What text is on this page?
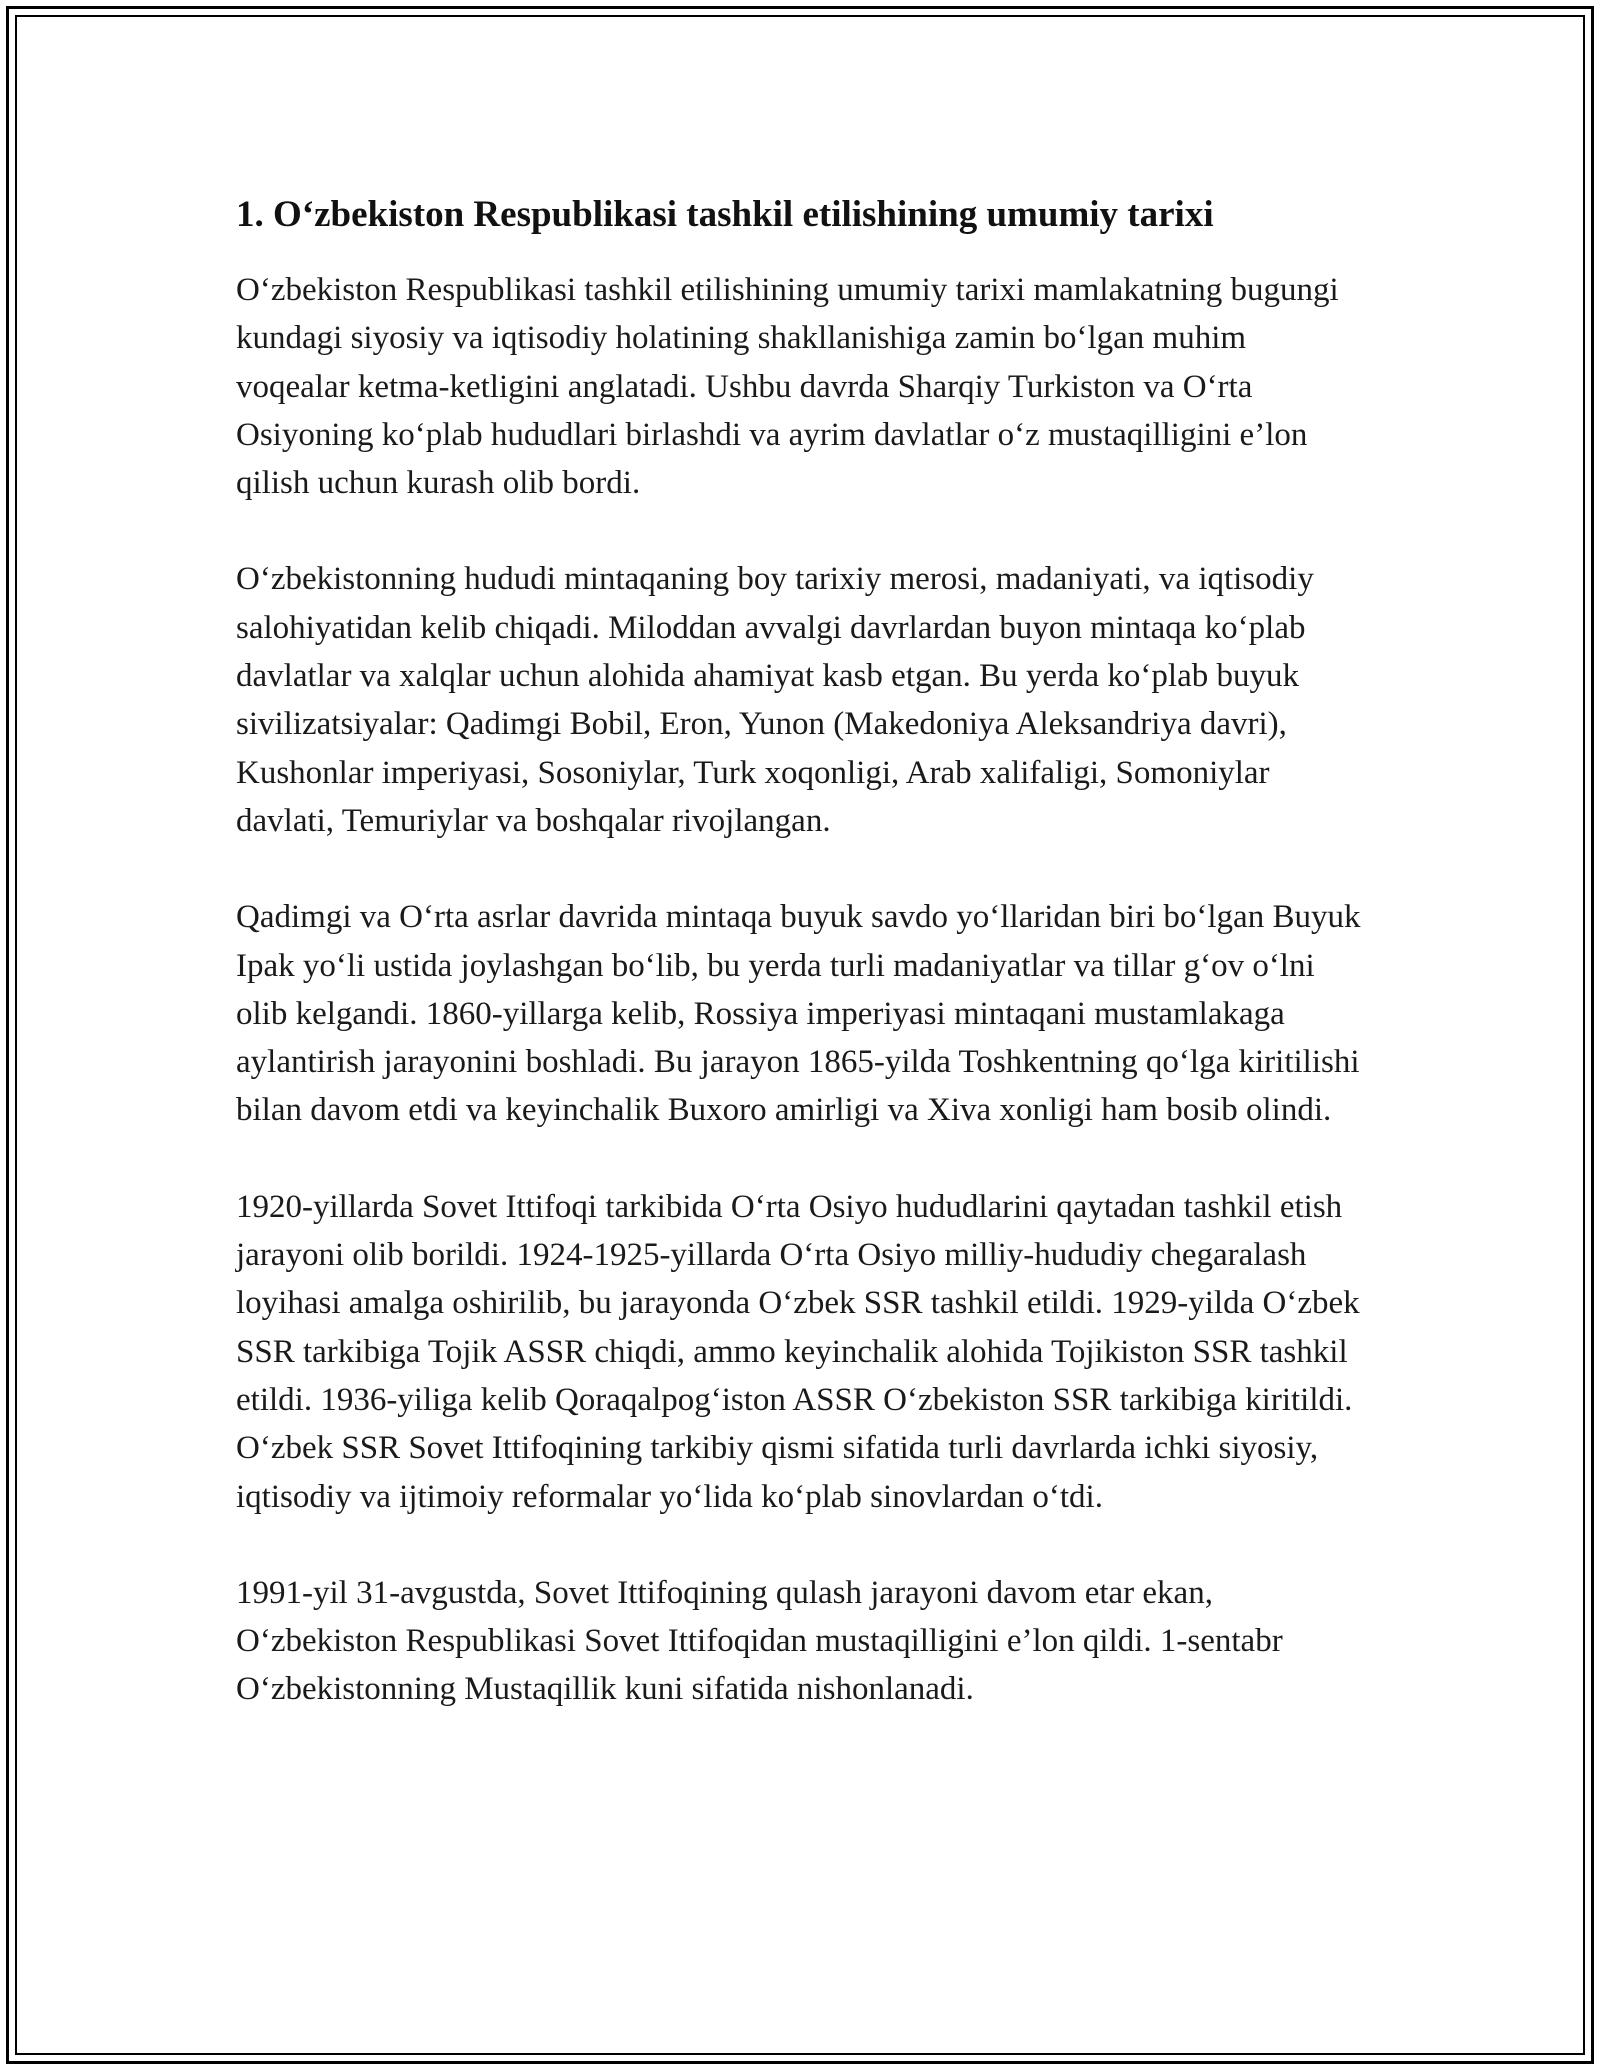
1. O‘zbekiston Respublikasi tashkil etilishining umumiy tarixi

O‘zbekiston Respublikasi tashkil etilishining umumiy tarixi mamlakatning bugungi kundagi siyosiy va iqtisodiy holatining shakllanishiga zamin bo‘lgan muhim voqealar ketma-ketligini anglatadi. Ushbu davrda Sharqiy Turkiston va O‘rta Osiyoning ko‘plab hududlari birlashdi va ayrim davlatlar o‘z mustaqilligini e’lon qilish uchun kurash olib bordi.

O‘zbekistonning hududi mintaqaning boy tarixiy merosi, madaniyati, va iqtisodiy salohiyatidan kelib chiqadi. Miloddan avvalgi davrlardan buyon mintaqa ko‘plab davlatlar va xalqlar uchun alohida ahamiyat kasb etgan. Bu yerda ko‘plab buyuk sivilizatsiyalar: Qadimgi Bobil, Eron, Yunon (Makedoniya Aleksandriya davri), Kushonlar imperiyasi, Sosoniylar, Turk xoqonligi, Arab xalifaligi, Somoniylar davlati, Temuriylar va boshqalar rivojlangan.

Qadimgi va O‘rta asrlar davrida mintaqa buyuk savdo yo‘llaridan biri bo‘lgan Buyuk Ipak yo‘li ustida joylashgan bo‘lib, bu yerda turli madaniyatlar va tillar g‘ov o‘lni olib kelgandi. 1860-yillarga kelib, Rossiya imperiyasi mintaqani mustamlakaga aylantirish jarayonini boshladi. Bu jarayon 1865-yilda Toshkentning qo‘lga kiritilishi bilan davom etdi va keyinchalik Buxoro amirligi va Xiva xonligi ham bosib olindi.

1920-yillarda Sovet Ittifoqi tarkibida O‘rta Osiyo hududlarini qaytadan tashkil etish jarayoni olib borildi. 1924-1925-yillarda O‘rta Osiyo milliy-hududiy chegaralash loyihasi amalga oshirilib, bu jarayonda O‘zbek SSR tashkil etildi. 1929-yilda O‘zbek SSR tarkibiga Tojik ASSR chiqdi, ammo keyinchalik alohida Tojikiston SSR tashkil etildi. 1936-yiliga kelib Qoraqalpog‘iston ASSR O‘zbekiston SSR tarkibiga kiritildi. O‘zbek SSR Sovet Ittifoqining tarkibiy qismi sifatida turli davrlarda ichki siyosiy, iqtisodiy va ijtimoiy reformalar yo‘lida ko‘plab sinovlardan o‘tdi.

1991-yil 31-avgustda, Sovet Ittifoqining qulash jarayoni davom etar ekan, O‘zbekiston Respublikasi Sovet Ittifoqidan mustaqilligini e’lon qildi. 1-sentabr O‘zbekistonning Mustaqillik kuni sifatida nishonlanadi.
